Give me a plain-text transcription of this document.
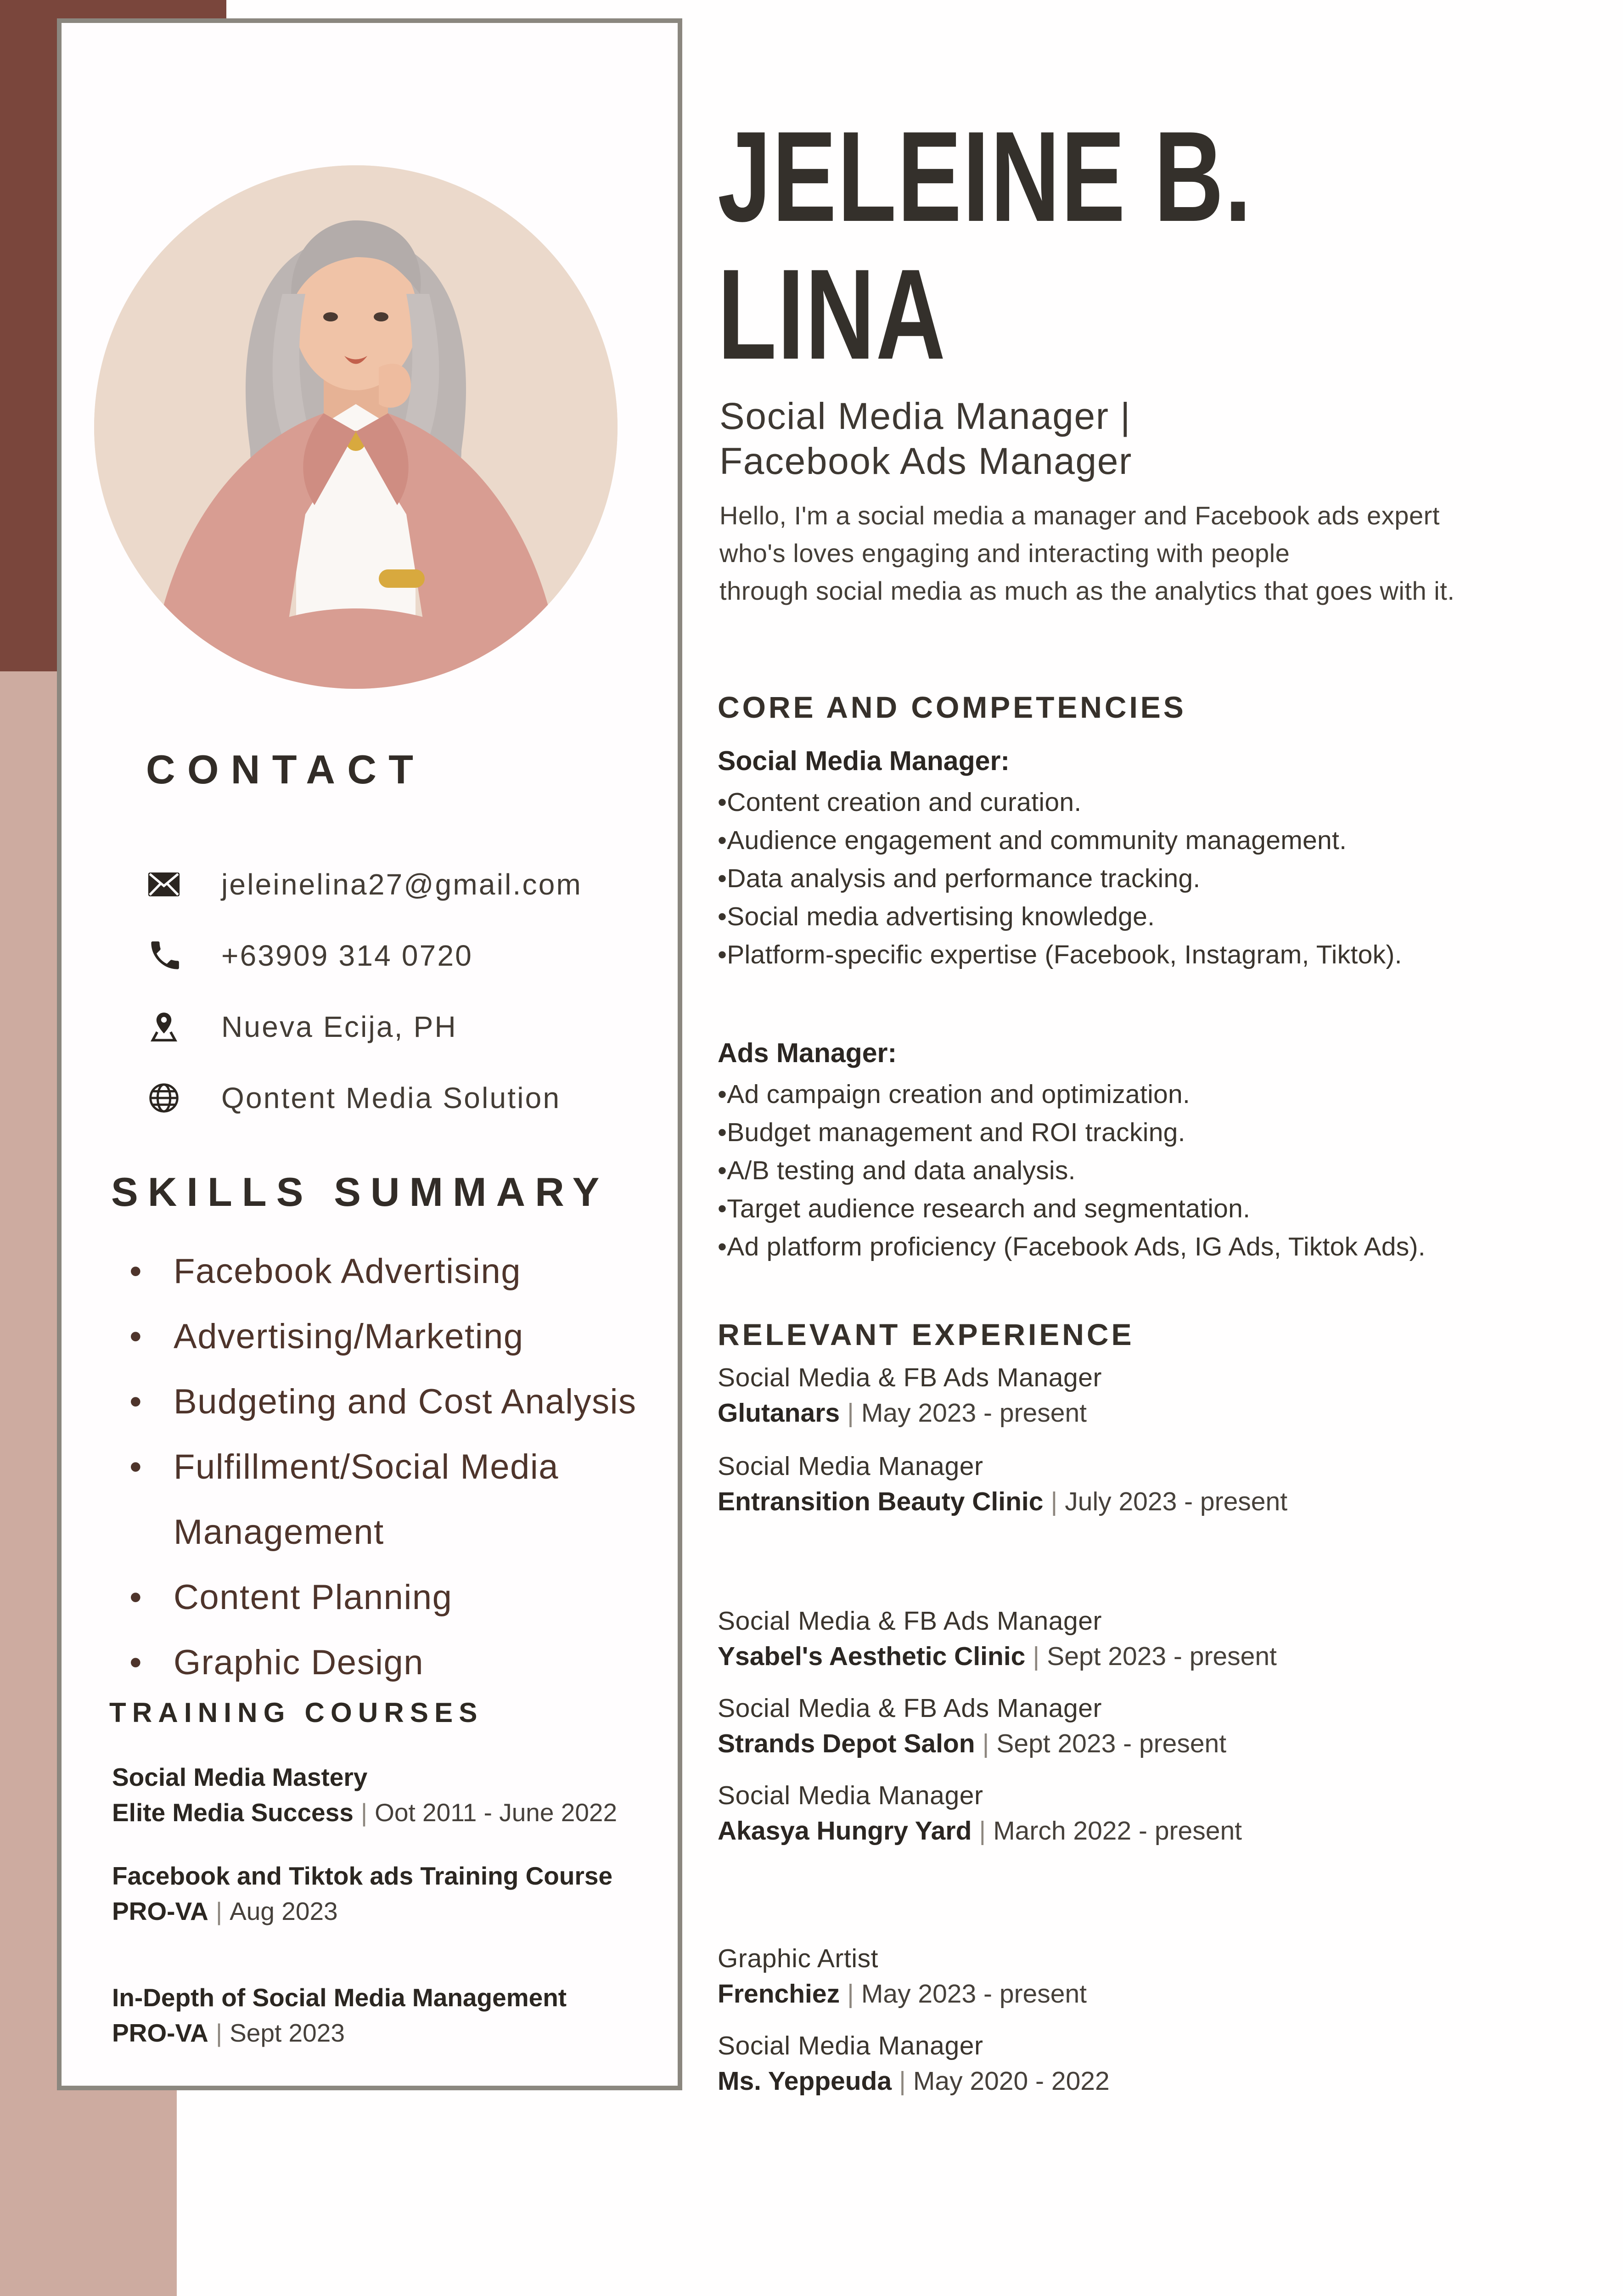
CONTACT
jeleinelina27@gmail.com
+63909 314 0720
Nueva Ecija, PH
Qontent Media Solution
SKILLS SUMMARY
• Facebook Advertising
• Advertising/Marketing
• Budgeting and Cost Analysis
• Fulfillment/Social Media Management
• Content Planning
• Graphic Design
TRAINING COURSES
Social Media Mastery
Elite Media Success | Oot 2011 - June 2022
Facebook and Tiktok ads Training Course
PRO-VA | Aug 2023
In-Depth of Social Media Management
PRO-VA | Sept 2023
JELEINE B.
LINA
Social Media Manager |
Facebook Ads Manager
Hello, I'm a social media a manager and Facebook ads expert
who's loves engaging and interacting with people
through social media as much as the analytics that goes with it.
CORE AND COMPETENCIES
Social Media Manager:
•Content creation and curation.
•Audience engagement and community management.
•Data analysis and performance tracking.
•Social media advertising knowledge.
•Platform-specific expertise (Facebook, Instagram, Tiktok).
Ads Manager:
•Ad campaign creation and optimization.
•Budget management and ROI tracking.
•A/B testing and data analysis.
•Target audience research and segmentation.
•Ad platform proficiency (Facebook Ads, IG Ads, Tiktok Ads).
RELEVANT EXPERIENCE
Social Media & FB Ads Manager
Glutanars | May 2023 - present
Social Media Manager
Entransition Beauty Clinic | July 2023 - present
Social Media & FB Ads Manager
Ysabel's Aesthetic Clinic | Sept 2023 - present
Social Media & FB Ads Manager
Strands Depot Salon | Sept 2023 - present
Social Media Manager
Akasya Hungry Yard | March 2022 - present
Graphic Artist
Frenchiez | May 2023 - present
Social Media Manager
Ms. Yeppeuda | May 2020 - 2022
